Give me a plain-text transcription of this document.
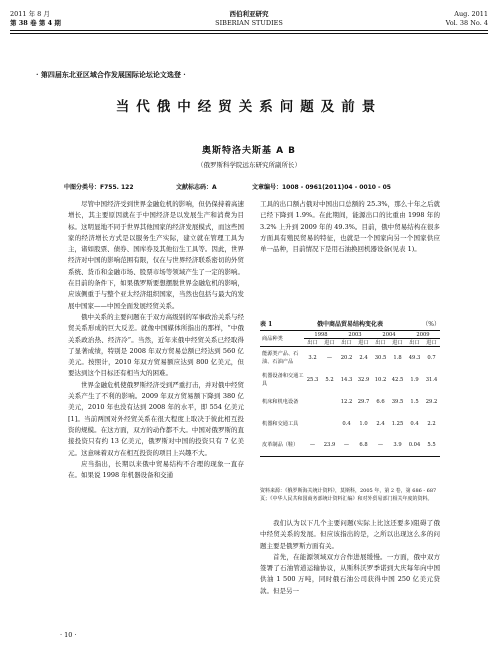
2011 年 8 月
第 38 卷 第 4 期
西伯利亚研究
SIBERIAN STUDIES
Aug. 2011
Vol. 38 No. 4
· 第四届东北亚区域合作发展国际论坛论文选登 ·
当代俄中经贸关系问题及前景
奥斯特洛夫斯基 A B
（俄罗斯科学院远东研究所副所长）
中图分类号：F755. 122	文献标志码：A	文章编号：1008 - 0961(2011)04 - 0010 - 05

尽管中国经济受到世界金融危机的影响，但仍保持着高速增长，其主要原因就在于中国经济是以发展生产和消费为目标。这明显地不同于世界其他国家的经济发展模式，而这些国家的经济增长方式是以服务生产实际，建立就在管理工具为主，诸如股票、债券、国库券及其他衍生工具等。因此，世界经济对中国的影响范围有限，仅在与世界经济联系密切的外贸系统、货币和金融市场、股票市场等领域产生了一定的影响。在目前的条件下，如果俄罗斯要想摆脱世界金融危机的影响，应该侧重于与整个亚太经济组织国家，当然也包括与最大的发展中国家——中国全面发展经贸关系。

俄中关系的主要问题在于双方高级别的军事政治关系与经贸关系形成的巨大反差。就像中国媒体所指出的那样，“中俄关系政治热、经济冷”。当然，近年来俄中经贸关系已经取得了显著成绩，特别是 2008 年双方贸易总额已经达到 560 亿美元。按照计，2010 年双方贸易额应达到 800 亿美元，但要达到这个目标还有相当大的困难。

世界金融危机使俄罗斯经济受到严重打击，并对俄中经贸关系产生了不利的影响。2009 年双方贸易额下降到 380 亿美元，2010 年也没有达到 2008 年的水平，即 554 亿美元[1]。当前两国对外经贸关系在很大程度上取决于彼此相互投资的规模。在这方面，双方的动作都不大。中国对俄罗斯的直接投资只有约 13 亿美元，俄罗斯对中国的投资只有 7 亿美元。这意味着双方在相互投资的项目上兴趣不大。

应当指出，长期以来俄中贸易结构不合理的现象一直存在。如果说 1998 年机器设备和交通

工具的出口额占俄对中国出口总额的 25.3%，那么十年之后就已经下降到 1.9%。在此期间，能源出口的比重由 1998 年的 3.2% 上升到 2009 年的 49.3%。目前，俄中贸易结构在很多方面具有殖民贸易的特征，也就是一个国家向另一个国家供应单一品种，目前情况下是用石油换回机器设备(见表 1)。

表 1	俄中商品贸易结构变化表	（%）
商品种类	1998		2003		2004		2009	
	出口	进口	出口	进口	出口	进口	出口	进口
能源类产品、石油、石油产品	3.2	—	20.2	2.4	30.5	1.8	49.3	0.7
机器设备和交通工具	25.3	5.2	14.3	32.9	10.2	42.5	1.9	31.4
机床和机电设备			12.2	29.7	6.6	39.5	1.5	29.2
机器和交通工具			0.4	1.0	2.4	1.25	0.4	2.2
皮革制品（鞋）	—	23.9	—	6.8	—	3.9	0.04	5.5
资料来源：《俄罗斯海关统计资料》，莫斯科，2005 年，第 2 卷，第 686 - 687 页；《中华人民共和国商务部统计资料汇编》和对外贸易部门相关年度的资料。

我们认为以下几个主要问题(实际上比这还要多)阻碍了俄中经贸关系的发展。但应该指出的是，之所以出现这么多的问题主要是俄罗斯方面有关。

首先，在能源领域双方合作进展缓慢。一方面，俄中双方签署了石油管道运输协议，从斯科沃罗季诺到大庆每年向中国供油 1 500 万吨，同时俄石油公司获得中国 250 亿美元贷款。但是另一

· 10 ·
